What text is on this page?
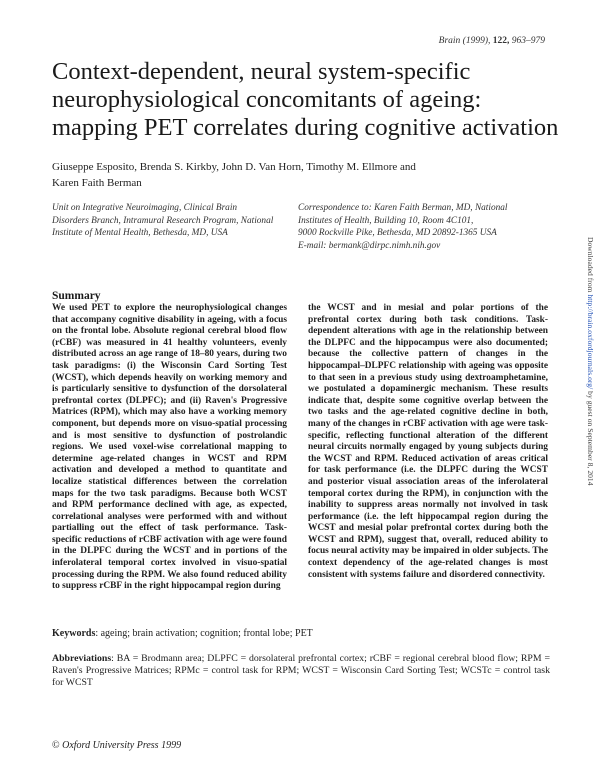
Brain (1999), 122, 963–979
Context-dependent, neural system-specific neurophysiological concomitants of ageing: mapping PET correlates during cognitive activation
Giuseppe Esposito, Brenda S. Kirkby, John D. Van Horn, Timothy M. Ellmore and
Karen Faith Berman
Unit on Integrative Neuroimaging, Clinical Brain
Disorders Branch, Intramural Research Program, National
Institute of Mental Health, Bethesda, MD, USA
Correspondence to: Karen Faith Berman, MD, National
Institutes of Health, Building 10, Room 4C101,
9000 Rockville Pike, Bethesda, MD 20892-1365 USA
E-mail: bermank@dirpc.nimh.nih.gov	Downloaded from http://brain.oxfordjournals.org/ by guest on September 8, 2014
Summary

We used PET to explore the neurophysiological changes that accompany cognitive disability in ageing, with a focus on the frontal lobe. Absolute regional cerebral blood flow (rCBF) was measured in 41 healthy volunteers, evenly distributed across an age range of 18–80 years, during two task paradigms: (i) the Wisconsin Card Sorting Test (WCST), which depends heavily on working memory and is particularly sensitive to dysfunction of the dorsolateral prefrontal cortex (DLPFC); and (ii) Raven's Progressive Matrices (RPM), which may also have a working memory component, but depends more on visuo-spatial processing and is most sensitive to dysfunction of postrolandic regions. We used voxel-wise correlational mapping to determine age-related changes in WCST and RPM activation and developed a method to quantitate and localize statistical differences between the correlation maps for the two task paradigms. Because both WCST and RPM performance declined with age, as expected, correlational analyses were performed with and without partialling out the effect of task performance. Task-specific reductions of rCBF activation with age were found in the DLPFC during the WCST and in portions of the inferolateral temporal cortex involved in visuo-spatial processing during the RPM. We also found reduced ability to suppress rCBF in the right hippocampal region during

the WCST and in mesial and polar portions of the prefrontal cortex during both task conditions. Task-dependent alterations with age in the relationship between the DLPFC and the hippocampus were also documented; because the collective pattern of changes in the hippocampal–DLPFC relationship with ageing was opposite to that seen in a previous study using dextroamphetamine, we postulated a dopaminergic mechanism. These results indicate that, despite some cognitive overlap between the two tasks and the age-related cognitive decline in both, many of the changes in rCBF activation with age were task-specific, reflecting functional alteration of the different neural circuits normally engaged by young subjects during the WCST and RPM. Reduced activation of areas critical for task performance (i.e. the DLPFC during the WCST and posterior visual association areas of the inferolateral temporal cortex during the RPM), in conjunction with the inability to suppress areas normally not involved in task performance (i.e. the left hippocampal region during the WCST and mesial polar prefrontal cortex during both the WCST and RPM), suggest that, overall, reduced ability to focus neural activity may be impaired in older subjects. The context dependency of the age-related changes is most consistent with systems failure and disordered connectivity.

Keywords: ageing; brain activation; cognition; frontal lobe; PET
Abbreviations: BA = Brodmann area; DLPFC = dorsolateral prefrontal cortex; rCBF = regional cerebral blood flow; RPM = Raven's Progressive Matrices; RPMc = control task for RPM; WCST = Wisconsin Card Sorting Test; WCSTc = control task for WCST
© Oxford University Press 1999
